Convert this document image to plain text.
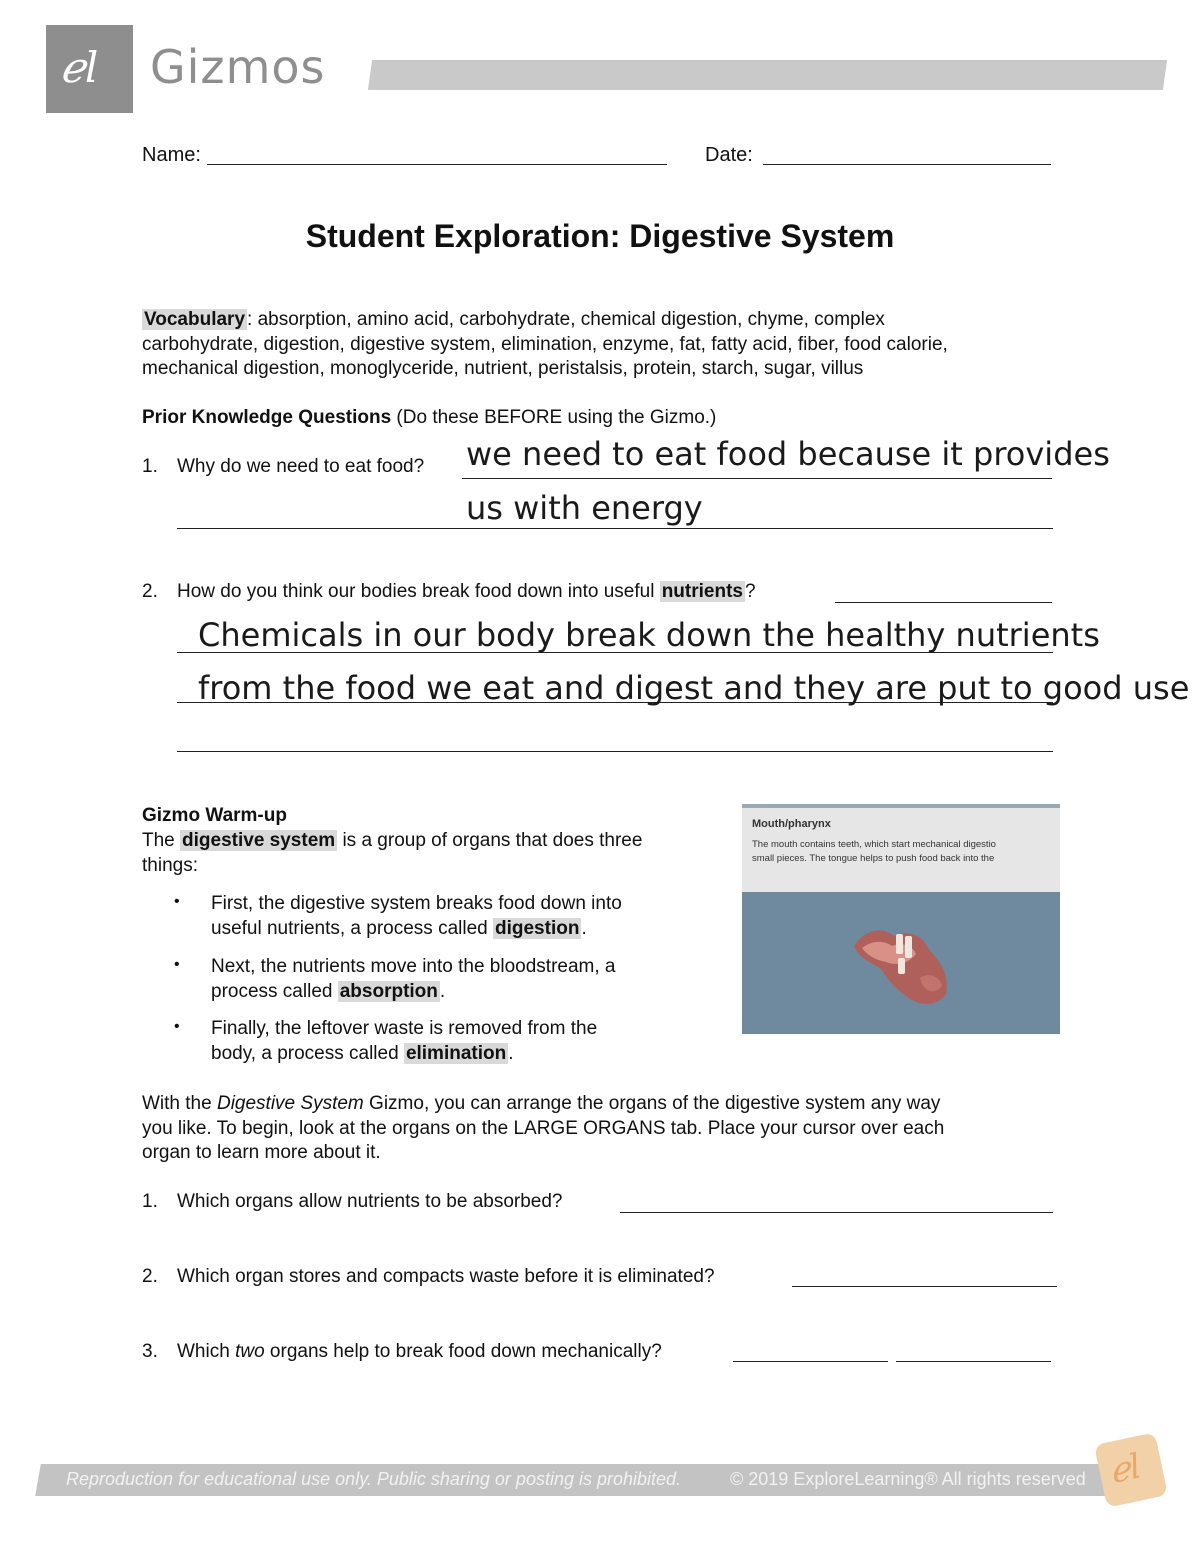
ℯl Gizmos
Name:	Date:
Student Exploration: Digestive System
Vocabulary : absorption, amino acid, carbohydrate, chemical digestion, chyme, complex
carbohydrate, digestion, digestive system, elimination, enzyme, fat, fatty acid, fiber, food calorie,
mechanical digestion, monoglyceride, nutrient, peristalsis, protein, starch, sugar, villus
Prior Knowledge Questions (Do these BEFORE using the Gizmo.)
1. Why do we need to eat food? we need to eat food because it provides
us with energy
2. How do you think our bodies break food down into useful nutrients ?
Chemicals in our body break down the healthy nutrients
from the food we eat and digest and they are put to good use
Gizmo Warm-up
The digestive system is a group of organs that does three
things:
• First, the digestive system breaks food down into
useful nutrients, a process called digestion .
• Next, the nutrients move into the bloodstream, a
process called absorption .
• Finally, the leftover waste is removed from the
body, a process called elimination .
Mouth/pharynx
The mouth contains teeth, which start mechanical digestio
small pieces. The tongue helps to push food back into the
With the Digestive System Gizmo, you can arrange the organs of the digestive system any way
you like. To begin, look at the organs on the LARGE ORGANS tab. Place your cursor over each
organ to learn more about it.
1. Which organs allow nutrients to be absorbed?
2. Which organ stores and compacts waste before it is eliminated?
3. Which two organs help to break food down mechanically?
Reproduction for educational use only. Public sharing or posting is prohibited.	© 2019 ExploreLearning® All rights reserved ℯl
